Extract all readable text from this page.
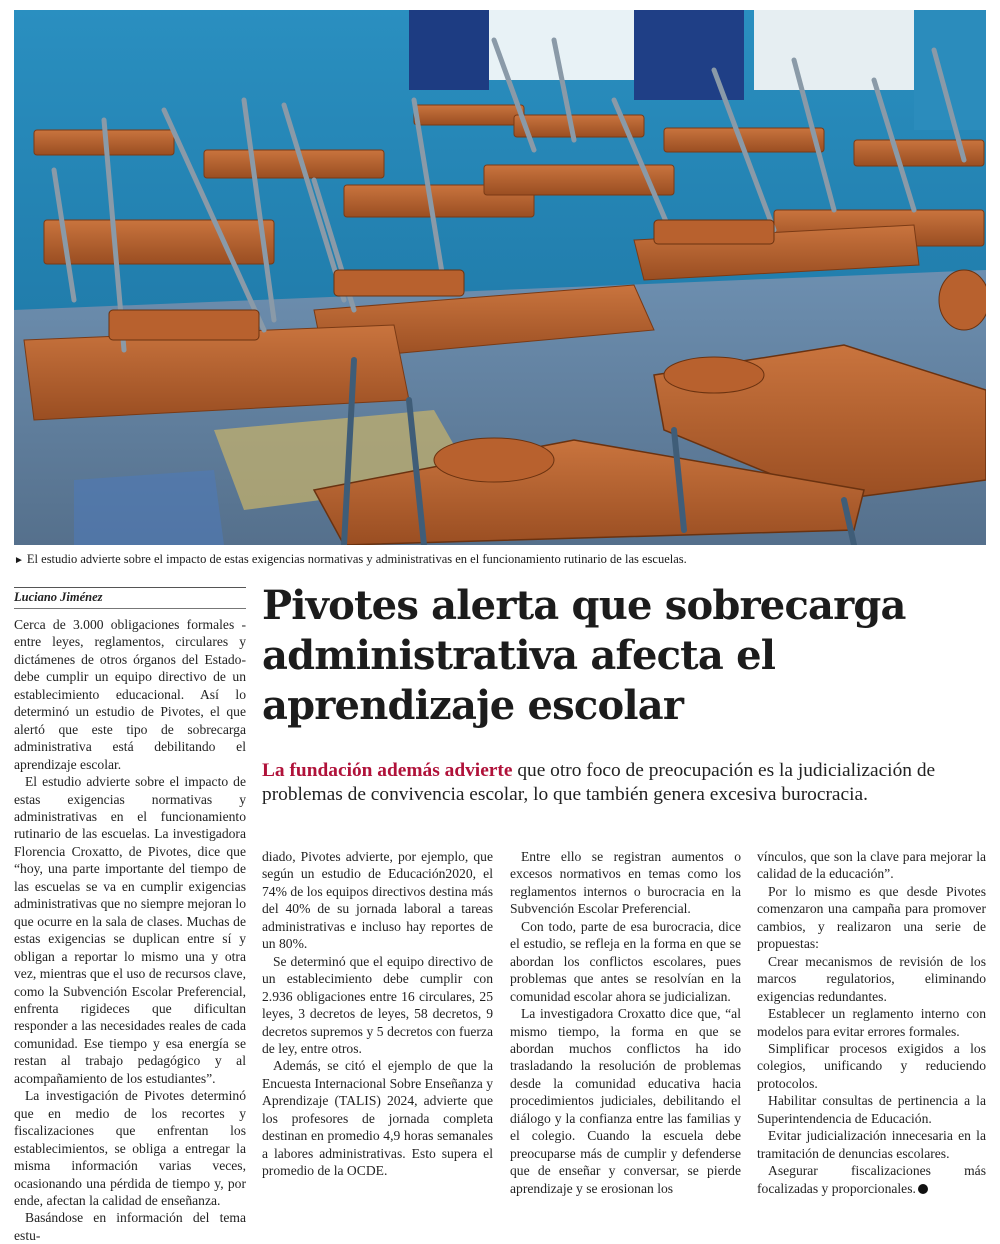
► El estudio advierte sobre el impacto de estas exigencias normativas y administrativas en el funcionamiento rutinario de las escuelas.
Luciano Jiménez	Pivotes alerta que sobrecarga administrativa afecta el aprendizaje escolar
La fundación además advierte que otro foco de preocupación es la judicialización de problemas de convivencia escolar, lo que también genera excesiva burocracia.

Cerca de 3.000 obligaciones formales -entre leyes, reglamentos, circulares y dictámenes de otros órganos del Estado- debe cumplir un equipo directivo de un establecimiento educacional. Así lo determinó un estudio de Pivotes, el que alertó que este tipo de sobrecarga administrativa está debilitando el aprendizaje escolar.

El estudio advierte sobre el impacto de estas exigencias normativas y administrativas en el funcionamiento rutinario de las escuelas. La investigadora Florencia Croxatto, de Pivotes, dice que “hoy, una parte importante del tiempo de las escuelas se va en cumplir exigencias administrativas que no siempre mejoran lo que ocurre en la sala de clases. Muchas de estas exigencias se duplican entre sí y obligan a reportar lo mismo una y otra vez, mientras que el uso de recursos clave, como la Subvención Escolar Preferencial, enfrenta rigideces que dificultan responder a las necesidades reales de cada comunidad. Ese tiempo y esa energía se restan al trabajo pedagógico y al acompañamiento de los estudiantes”.

La investigación de Pivotes determinó que en medio de los recortes y fiscalizaciones que enfrentan los establecimientos, se obliga a entregar la misma información varias veces, ocasionando una pérdida de tiempo y, por ende, afectan la calidad de enseñanza.

Basándose en información del tema estu-

diado, Pivotes advierte, por ejemplo, que según un estudio de Educación2020, el 74% de los equipos directivos destina más del 40% de su jornada laboral a tareas administrativas e incluso hay reportes de un 80%.

Se determinó que el equipo directivo de un establecimiento debe cumplir con 2.936 obligaciones entre 16 circulares, 25 leyes, 3 decretos de leyes, 58 decretos, 9 decretos supremos y 5 decretos con fuerza de ley, entre otros.

Además, se citó el ejemplo de que la Encuesta Internacional Sobre Enseñanza y Aprendizaje (TALIS) 2024, advierte que los profesores de jornada completa destinan en promedio 4,9 horas semanales a labores administrativas. Esto supera el promedio de la OCDE.

Entre ello se registran aumentos o excesos normativos en temas como los reglamentos internos o burocracia en la Subvención Escolar Preferencial.

Con todo, parte de esa burocracia, dice el estudio, se refleja en la forma en que se abordan los conflictos escolares, pues problemas que antes se resolvían en la comunidad escolar ahora se judicializan.

La investigadora Croxatto dice que, “al mismo tiempo, la forma en que se abordan muchos conflictos ha ido trasladando la resolución de problemas desde la comunidad educativa hacia procedimientos judiciales, debilitando el diálogo y la confianza entre las familias y el colegio. Cuando la escuela debe preocuparse más de cumplir y defenderse que de enseñar y conversar, se pierde aprendizaje y se erosionan los

vínculos, que son la clave para mejorar la calidad de la educación”.

Por lo mismo es que desde Pivotes comenzaron una campaña para promover cambios, y realizaron una serie de propuestas:

Crear mecanismos de revisión de los marcos regulatorios, eliminando exigencias redundantes.

Establecer un reglamento interno con modelos para evitar errores formales.

Simplificar procesos exigidos a los colegios, unificando y reduciendo protocolos.

Habilitar consultas de pertinencia a la Superintendencia de Educación.

Evitar judicialización innecesaria en la tramitación de denuncias escolares.

Asegurar fiscalizaciones más focalizadas y proporcionales.
